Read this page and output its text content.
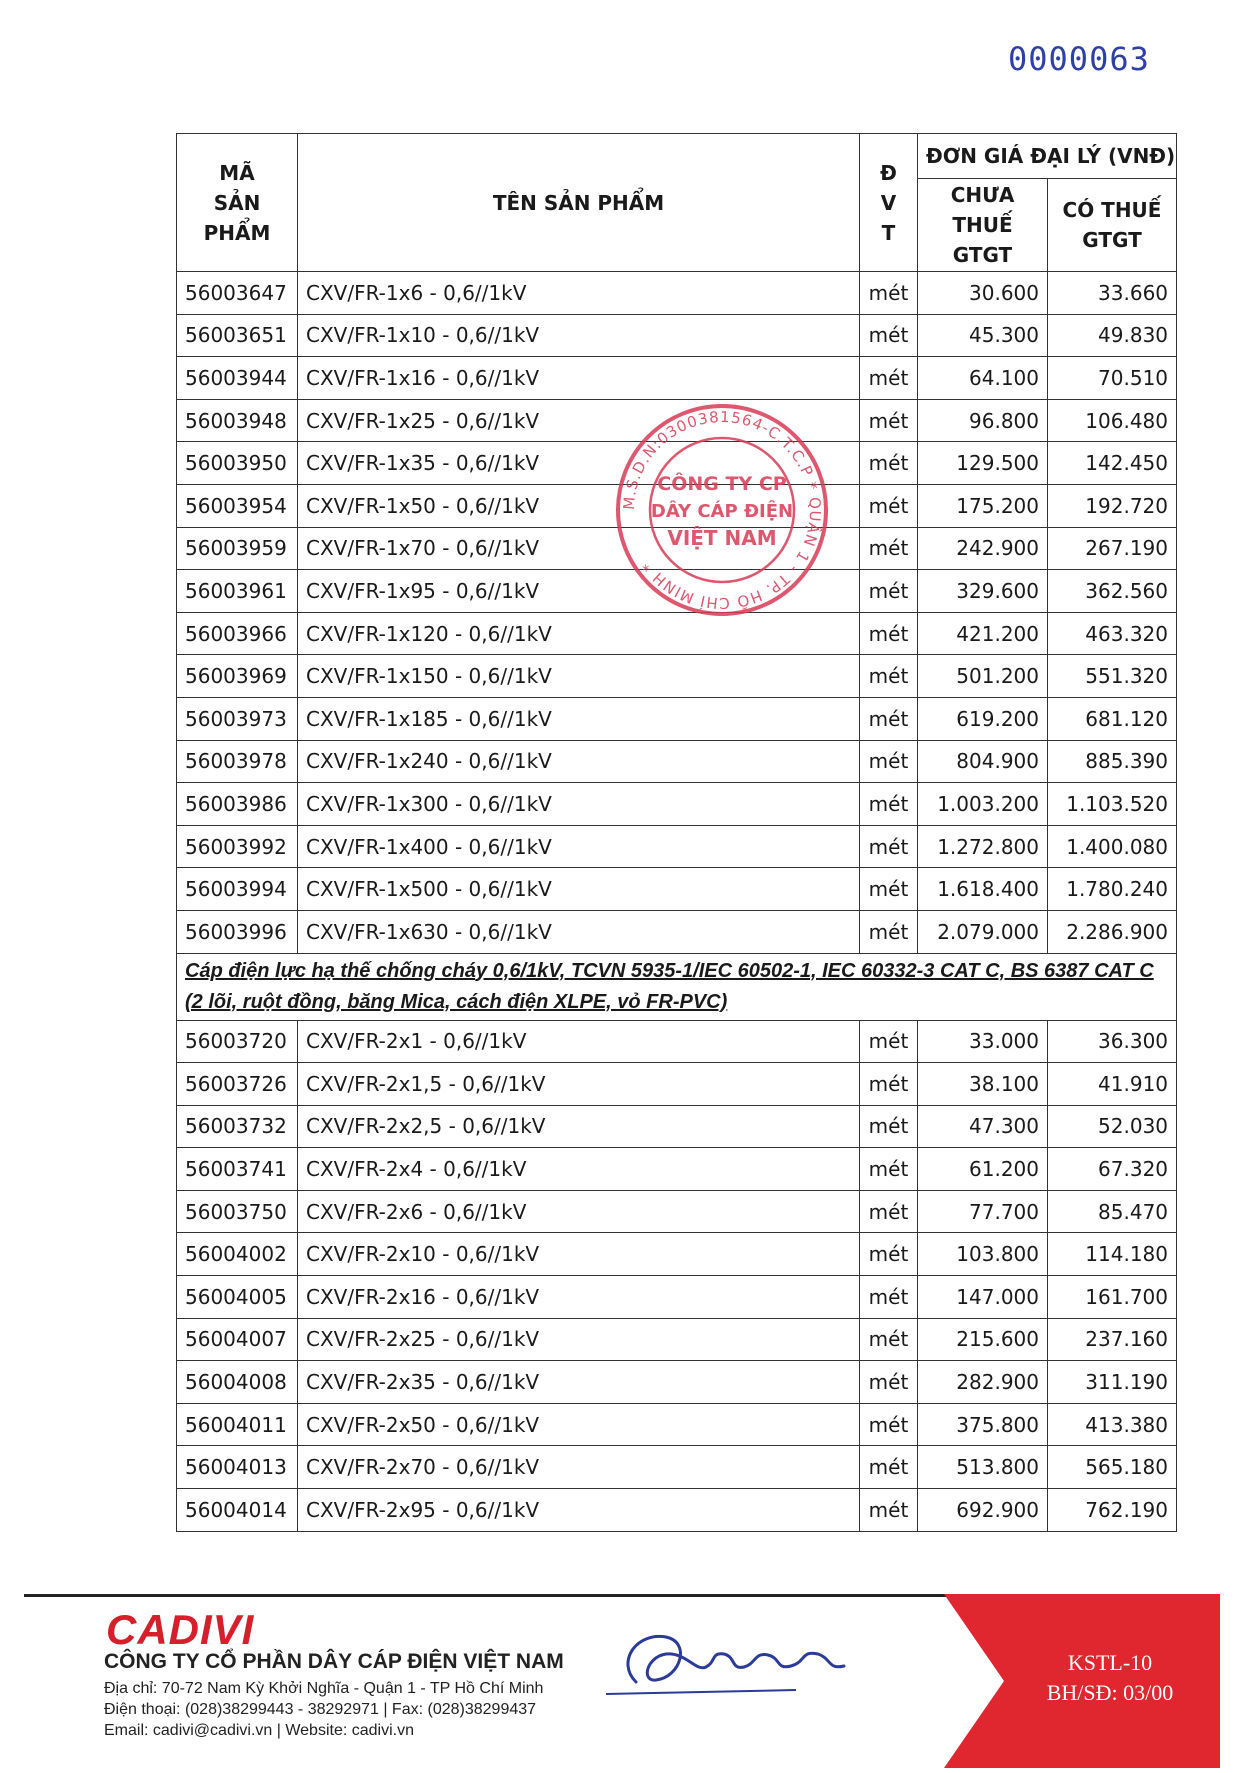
0000063
MÃ
SẢN
PHẨM	TÊN SẢN PHẨM	Đ
V
T	ĐƠN GIÁ ĐẠI LÝ (VNĐ)	
			CHƯA THUẾ GTGT	CÓ THUẾ GTGT
56003647	CXV/FR-1x6 - 0,6//1kV	mét	30.600	33.660
56003651	CXV/FR-1x10 - 0,6//1kV	mét	45.300	49.830
56003944	CXV/FR-1x16 - 0,6//1kV	mét	64.100	70.510
56003948	CXV/FR-1x25 - 0,6//1kV	mét	96.800	106.480
56003950	CXV/FR-1x35 - 0,6//1kV	mét	129.500	142.450
56003954	CXV/FR-1x50 - 0,6//1kV	mét	175.200	192.720
56003959	CXV/FR-1x70 - 0,6//1kV	mét	242.900	267.190
56003961	CXV/FR-1x95 - 0,6//1kV	mét	329.600	362.560
56003966	CXV/FR-1x120 - 0,6//1kV	mét	421.200	463.320
56003969	CXV/FR-1x150 - 0,6//1kV	mét	501.200	551.320
56003973	CXV/FR-1x185 - 0,6//1kV	mét	619.200	681.120
56003978	CXV/FR-1x240 - 0,6//1kV	mét	804.900	885.390
56003986	CXV/FR-1x300 - 0,6//1kV	mét	1.003.200	1.103.520
56003992	CXV/FR-1x400 - 0,6//1kV	mét	1.272.800	1.400.080
56003994	CXV/FR-1x500 - 0,6//1kV	mét	1.618.400	1.780.240
56003996	CXV/FR-1x630 - 0,6//1kV	mét	2.079.000	2.286.900
Cáp điện lực hạ thế chống cháy 0,6/1kV, TCVN 5935-1/IEC 60502-1, IEC 60332-3 CAT C, BS 6387 CAT C (2 lõi, ruột đồng, băng Mica, cách điện XLPE, vỏ FR-PVC)				
56003720	CXV/FR-2x1 - 0,6//1kV	mét	33.000	36.300
56003726	CXV/FR-2x1,5 - 0,6//1kV	mét	38.100	41.910
56003732	CXV/FR-2x2,5 - 0,6//1kV	mét	47.300	52.030
56003741	CXV/FR-2x4 - 0,6//1kV	mét	61.200	67.320
56003750	CXV/FR-2x6 - 0,6//1kV	mét	77.700	85.470
56004002	CXV/FR-2x10 - 0,6//1kV	mét	103.800	114.180
56004005	CXV/FR-2x16 - 0,6//1kV	mét	147.000	161.700
56004007	CXV/FR-2x25 - 0,6//1kV	mét	215.600	237.160
56004008	CXV/FR-2x35 - 0,6//1kV	mét	282.900	311.190
56004011	CXV/FR-2x50 - 0,6//1kV	mét	375.800	413.380
56004013	CXV/FR-2x70 - 0,6//1kV	mét	513.800	565.180
56004014	CXV/FR-2x95 - 0,6//1kV	mét	692.900	762.190
M.S.D.N:0300381564-C.T.C.P * QUẬN 1 - TP. HỒ CHÍ MINH *
CÔNG TY CP
DÂY CÁP ĐIỆN
VIỆT NAM
KSTL-10
BH/SĐ: 03/00
CADIVI
CÔNG TY CỔ PHẦN DÂY CÁP ĐIỆN VIỆT NAM
Địa chỉ: 70-72 Nam Kỳ Khởi Nghĩa - Quận 1 - TP Hồ Chí Minh
Điện thoại: (028)38299443 - 38292971 | Fax: (028)38299437
Email: cadivi@cadivi.vn | Website: cadivi.vn
